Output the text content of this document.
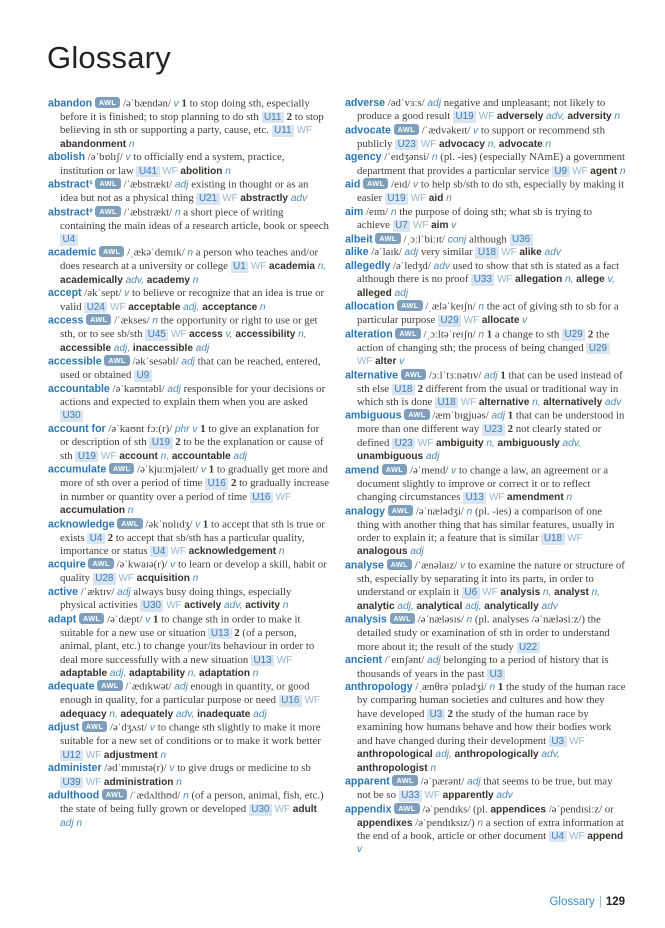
Glossary

abandon AWL /əˈbændən/ v 1 to stop doing sth, especially before it is finished; to stop planning to do sth U11 2 to stop believing in sth or supporting a party, cause, etc. U11 WF abandonment n

abolish /əˈbɒlɪʃ/ v to officially end a system, practice, institution or law U41 WF abolition n

abstract¹ AWL /ˈæbstrækt/ adj existing in thought or as an idea but not as a physical thing U21 WF abstractly adv

abstract² AWL /ˈæbstrækt/ n a short piece of writing containing the main ideas of a research article, book or speech U4

academic AWL /ˌækəˈdemɪk/ n a person who teaches and/or does research at a university or college U1 WF academia n, academically adv, academy n

accept /əkˈsept/ v to believe or recognize that an idea is true or valid U24 WF acceptable adj, acceptance n

access AWL /ˈækses/ n the opportunity or right to use or get sth, or to see sb/sth U45 WF access v, accessibility n, accessible adj, inaccessible adj

accessible AWL /əkˈsesəbl/ adj that can be reached, entered, used or obtained U9

accountable /əˈkaʊntəbl/ adj responsible for your decisions or actions and expected to explain them when you are asked U30

account for /əˈkaʊnt fɔː(r)/ phr v 1 to give an explanation for or description of sth U19 2 to be the explanation or cause of sth U19 WF account n, accountable adj

accumulate AWL /əˈkjuːmjəleɪt/ v 1 to gradually get more and more of sth over a period of time U16 2 to gradually increase in number or quantity over a period of time U16 WF accumulation n

acknowledge AWL /əkˈnɒlɪdʒ/ v 1 to accept that sth is true or exists U4 2 to accept that sb/sth has a particular quality, importance or status U4 WF acknowledgement n

acquire AWL /əˈkwaɪə(r)/ v to learn or develop a skill, habit or quality U28 WF acquisition n

active /ˈæktɪv/ adj always busy doing things, especially physical activities U30 WF actively adv, activity n

adapt AWL /əˈdæpt/ v 1 to change sth in order to make it suitable for a new use or situation U13 2 (of a person, animal, plant, etc.) to change your/its behaviour in order to deal more successfully with a new situation U13 WF adaptable adj, adaptability n, adaptation n

adequate AWL /ˈædɪkwət/ adj enough in quantity, or good enough in quality, for a particular purpose or need U16 WF adequacy n, adequately adv, inadequate adj

adjust AWL /əˈdʒʌst/ v to change sth slightly to make it more suitable for a new set of conditions or to make it work better U12 WF adjustment n

administer /ədˈmɪnɪstə(r)/ v to give drugs or medicine to sb U39 WF administration n

adulthood AWL /ˈædʌlthʊd/ n (of a person, animal, fish, etc.) the state of being fully grown or developed U30 WF adult adj n

adverse /ədˈvɜːs/ adj negative and unpleasant; not likely to produce a good result U19 WF adversely adv, adversity n

advocate AWL /ˈædvəkeɪt/ v to support or recommend sth publicly U23 WF advocacy n, advocate n

agency /ˈeɪdʒənsi/ n (pl. -ies) (especially NAmE) a government department that provides a particular service U9 WF agent n

aid AWL /eɪd/ v to help sb/sth to do sth, especially by making it easier U19 WF aid n

aim /eɪm/ n the purpose of doing sth; what sb is trying to achieve U7 WF aim v

albeit AWL /ˌɔːlˈbiːɪt/ conj although U36

alike /əˈlaɪk/ adj very similar U18 WF alike adv

allegedly /əˈledʒd/ adv used to show that sth is stated as a fact although there is no proof U33 WF allegation n, allege v, alleged adj

allocation AWL /ˌæləˈkeɪʃn/ n the act of giving sth to sb for a particular purpose U29 WF allocate v

alteration AWL /ˌɔːltəˈreɪʃn/ n 1 a change to sth U29 2 the action of changing sth; the process of being changed U29 WF alter v

alternative AWL /ɔːlˈtɜːnətɪv/ adj 1 that can be used instead of sth else U18 2 different from the usual or traditional way in which sth is done U18 WF alternative n, alternatively adv

ambiguous AWL /æmˈbɪgjuəs/ adj 1 that can be understood in more than one different way U23 2 not clearly stated or defined U23 WF ambiguity n, ambiguously adv, unambiguous adj

amend AWL /əˈmend/ v to change a law, an agreement or a document slightly to improve or correct it or to reflect changing circumstances U13 WF amendment n

analogy AWL /əˈnælədʒi/ n (pl. -ies) a comparison of one thing with another thing that has similar features, usually in order to explain it; a feature that is similar U18 WF analogous adj

analyse AWL /ˈænəlaɪz/ v to examine the nature or structure of sth, especially by separating it into its parts, in order to understand or explain it U6 WF analysis n, analyst n, analytic adj, analytical adj, analytically adv

analysis AWL /əˈnæləsɪs/ n (pl. analyses /əˈnæləsiːz/) the detailed study or examination of sth in order to understand more about it; the result of the study U22

ancient /ˈeɪnʃənt/ adj belonging to a period of history that is thousands of years in the past U3

anthropology /ˌænθrəˈpɒlədʒi/ n 1 the study of the human race by comparing human societies and cultures and how they have developed U3 2 the study of the human race by examining how humans behave and how their bodies work and have changed during their development U3 WF anthropological adj, anthropologically adv, anthropologist n

apparent AWL /əˈpærənt/ adj that seems to be true, but may not be so U33 WF apparently adv

appendix AWL /əˈpendɪks/ (pl. appendices /əˈpendɪsiːz/ or appendixes /əˈpendɪksɪz/) n a section of extra information at the end of a book, article or other document U4 WF append v

Glossary | 129
